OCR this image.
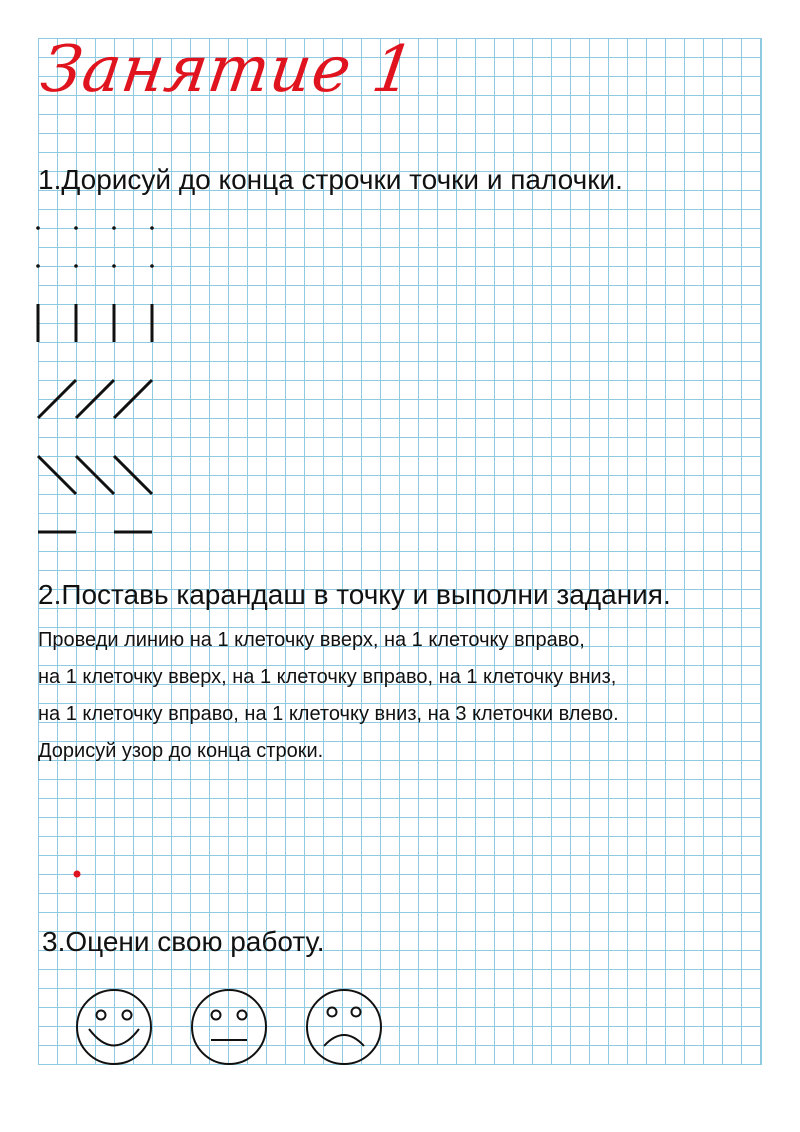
Занятие 1
1.Дорисуй до конца строчки точки и палочки.
2.Поставь карандаш в точку и выполни задания.
Проведи линию на 1 клеточку вверх, на 1 клеточку вправо,
на 1 клеточку вверх, на 1 клеточку вправо, на 1 клеточку вниз,
на 1 клеточку вправо, на 1 клеточку вниз, на 3 клеточки влево.
Дорисуй узор до конца строки.
3.Оцени свою работу.
